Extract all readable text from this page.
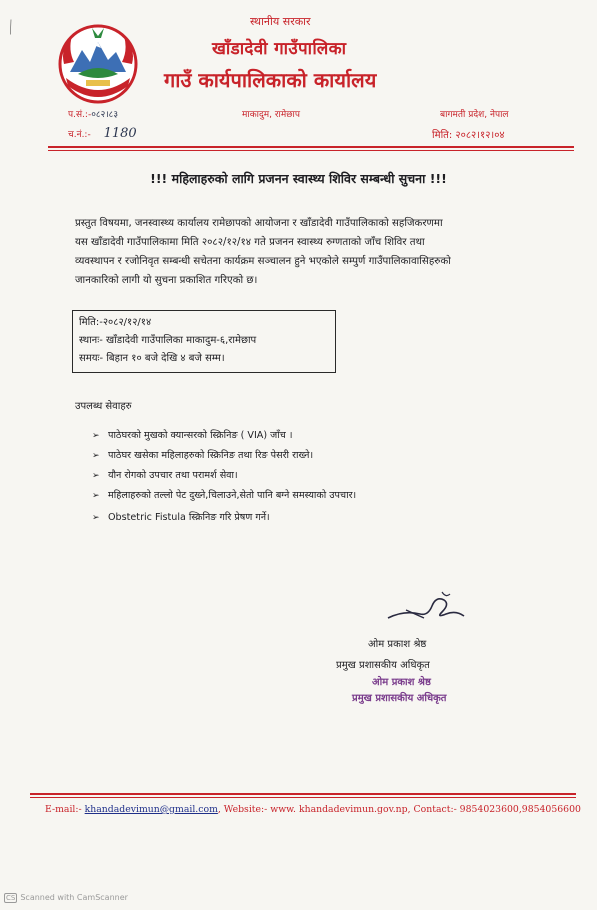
स्थानीय सरकार
खाँडादेवी गाउँपालिका
गाउँ कार्यपालिकाको कार्यालय
माकादुम, रामेछाप
प.सं.:-०८२।८३
च.नं.:- 1180
बागमती प्रदेश, नेपाल
मिति: २०८२।१२।०४
!!! महिलाहरुको लागि प्रजनन स्वास्थ्य शिविर सम्बन्धी सुचना !!!
प्रस्तुत विषयमा, जनस्वास्थ्य कार्यालय रामेछापको आयोजना र खाँडादेवी गाउँपालिकाको सहजिकरणमा
यस खाँडादेवी गाउँपालिकामा मिति २०८२/१२/१४ गते प्रजनन स्वास्थ्य रुग्णताको जाँच शिविर तथा
व्यवस्थापन र रजोनिवृत सम्बन्धी सचेतना कार्यक्रम सञ्चालन हुने भएकोले सम्पुर्ण गाउँपालिकावासिहरुको
जानकारिको लागी यो सुचना प्रकाशित गरिएको छ।
मिति:-२०८२/१२/१४
स्थानः- खाँडादेवी गाउँपालिका माकादुम-६,रामेछाप
समयः- बिहान १० बजे देखि ४ बजे सम्म।
उपलब्ध सेवाहरु
➢ पाठेघरको मुखको क्यान्सरको स्क्रिनिङ ( VIA) जाँच ।
➢ पाठेघर खसेका महिलाहरुको स्क्रिनिङ तथा रिङ पेसरी राख्ने।
➢ यौन रोगको उपचार तथा परामर्श सेवा।
➢ महिलाहरुको तल्लो पेट दुख्ने,चिलाउने,सेतो पानि बग्ने समस्याको उपचार।
➢ Obstetric Fistula स्क्रिनिङ गरि प्रेषण गर्ने।
ओम प्रकाश श्रेष्ठ
प्रमुख प्रशासकीय अधिकृत
ओम प्रकाश श्रेष्ठ
प्रमुख प्रशासकीय अधिकृत
E-mail:- khandadevimun@gmail.com, Website:- www. khandadevimun.gov.np, Contact:- 9854023600,9854056600
CS Scanned with CamScanner
